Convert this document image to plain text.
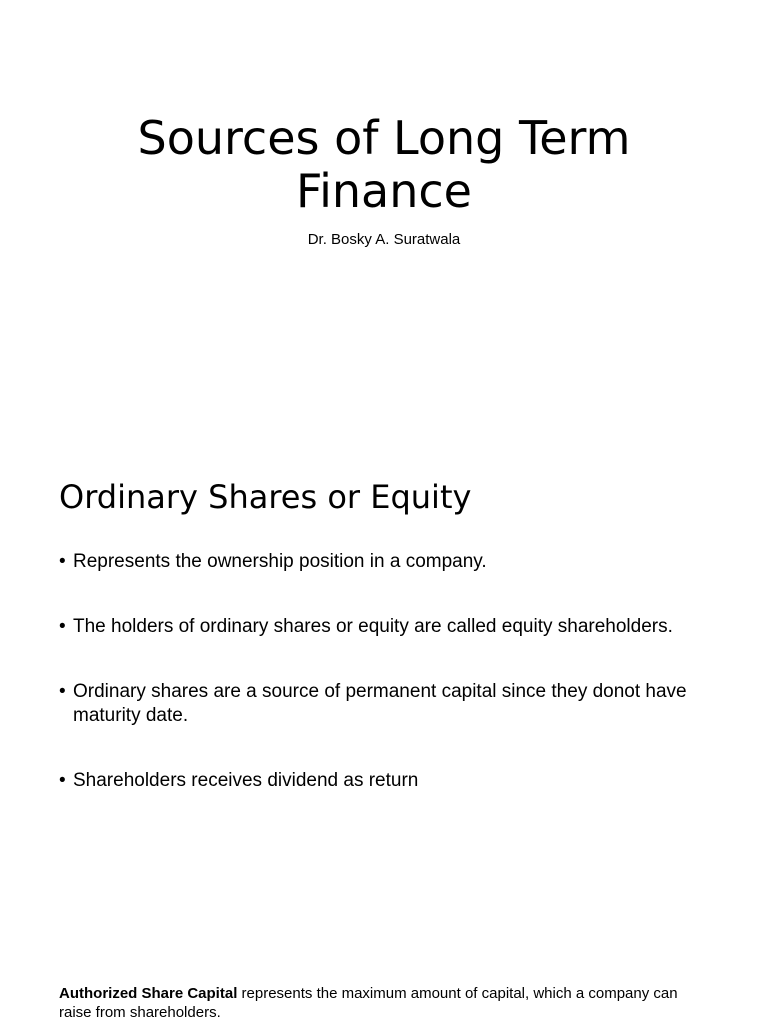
Sources of Long Term Finance

Dr. Bosky A. Suratwala

Ordinary Shares or Equity
• Represents the ownership position in a company.
• The holders of ordinary shares or equity are called equity shareholders.
• Ordinary shares are a source of permanent capital since they donot have maturity date.
• Shareholders receives dividend as return

Authorized Share Capital represents the maximum amount of capital, which a company can raise from shareholders.
